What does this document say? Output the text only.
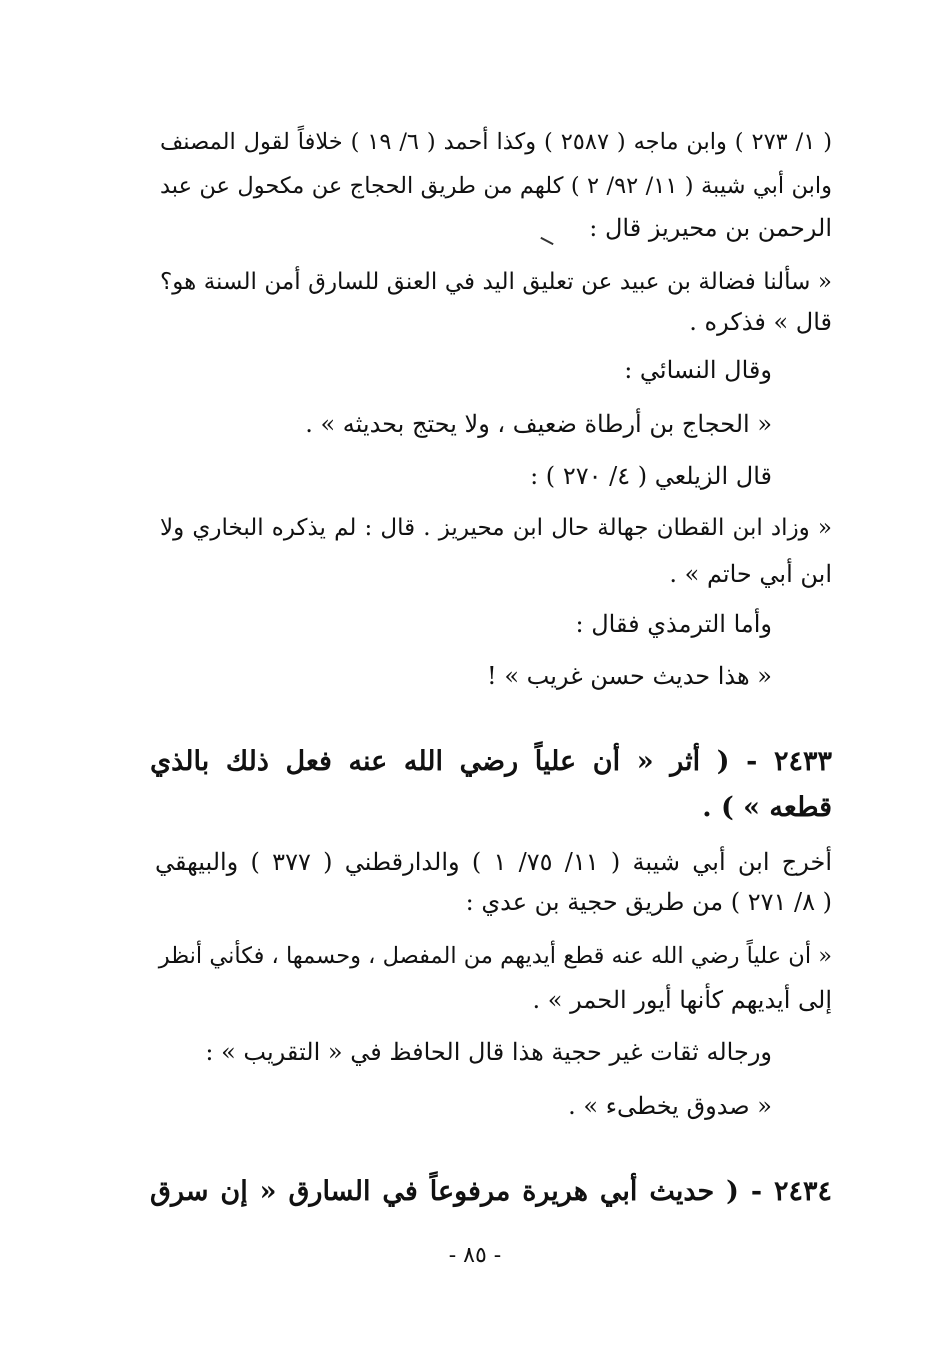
( ١/ ٢٧٣ ) وابن ماجه ( ٢٥٨٧ ) وكذا أحمد ( ٦/ ١٩ ) خلافاً لقول المصنف
وابن أبي شيبة ( ١١/ ٩٢/ ٢ ) كلهم من طريق الحجاج عن مكحول عن عبد
الرحمن بن محيريز قال :
« سألنا فضالة بن عبيد عن تعليق اليد في العنق للسارق أمن السنة هو؟
قال » فذكره .
وقال النسائي :
« الحجاج بن أرطاة ضعيف ، ولا يحتج بحديثه » .
قال الزيلعي ( ٤/ ٢٧٠ ) :
« وزاد ابن القطان جهالة حال ابن محيريز . قال : لم يذكره البخاري ولا
ابن أبي حاتم » .
وأما الترمذي فقال :
« هذا حديث حسن غريب » !
٢٤٣٣ - ( أثر « أن علياً رضي الله عنه فعل ذلك بالذي
قطعه » ) .
أخرج ابن أبي شيبة ( ١١/ ٧٥/ ١ ) والدارقطني ( ٣٧٧ ) والبيهقي
( ٨/ ٢٧١ ) من طريق حجية بن عدي :
« أن علياً رضي الله عنه قطع أيديهم من المفصل ، وحسمها ، فكأني أنظر
إلى أيديهم كأنها أيور الحمر » .
ورجاله ثقات غير حجية هذا قال الحافظ في « التقريب » :
« صدوق يخطىء » .
٢٤٣٤ - ( حديث أبي هريرة مرفوعاً في السارق « إن سرق
- ٨٥ -
